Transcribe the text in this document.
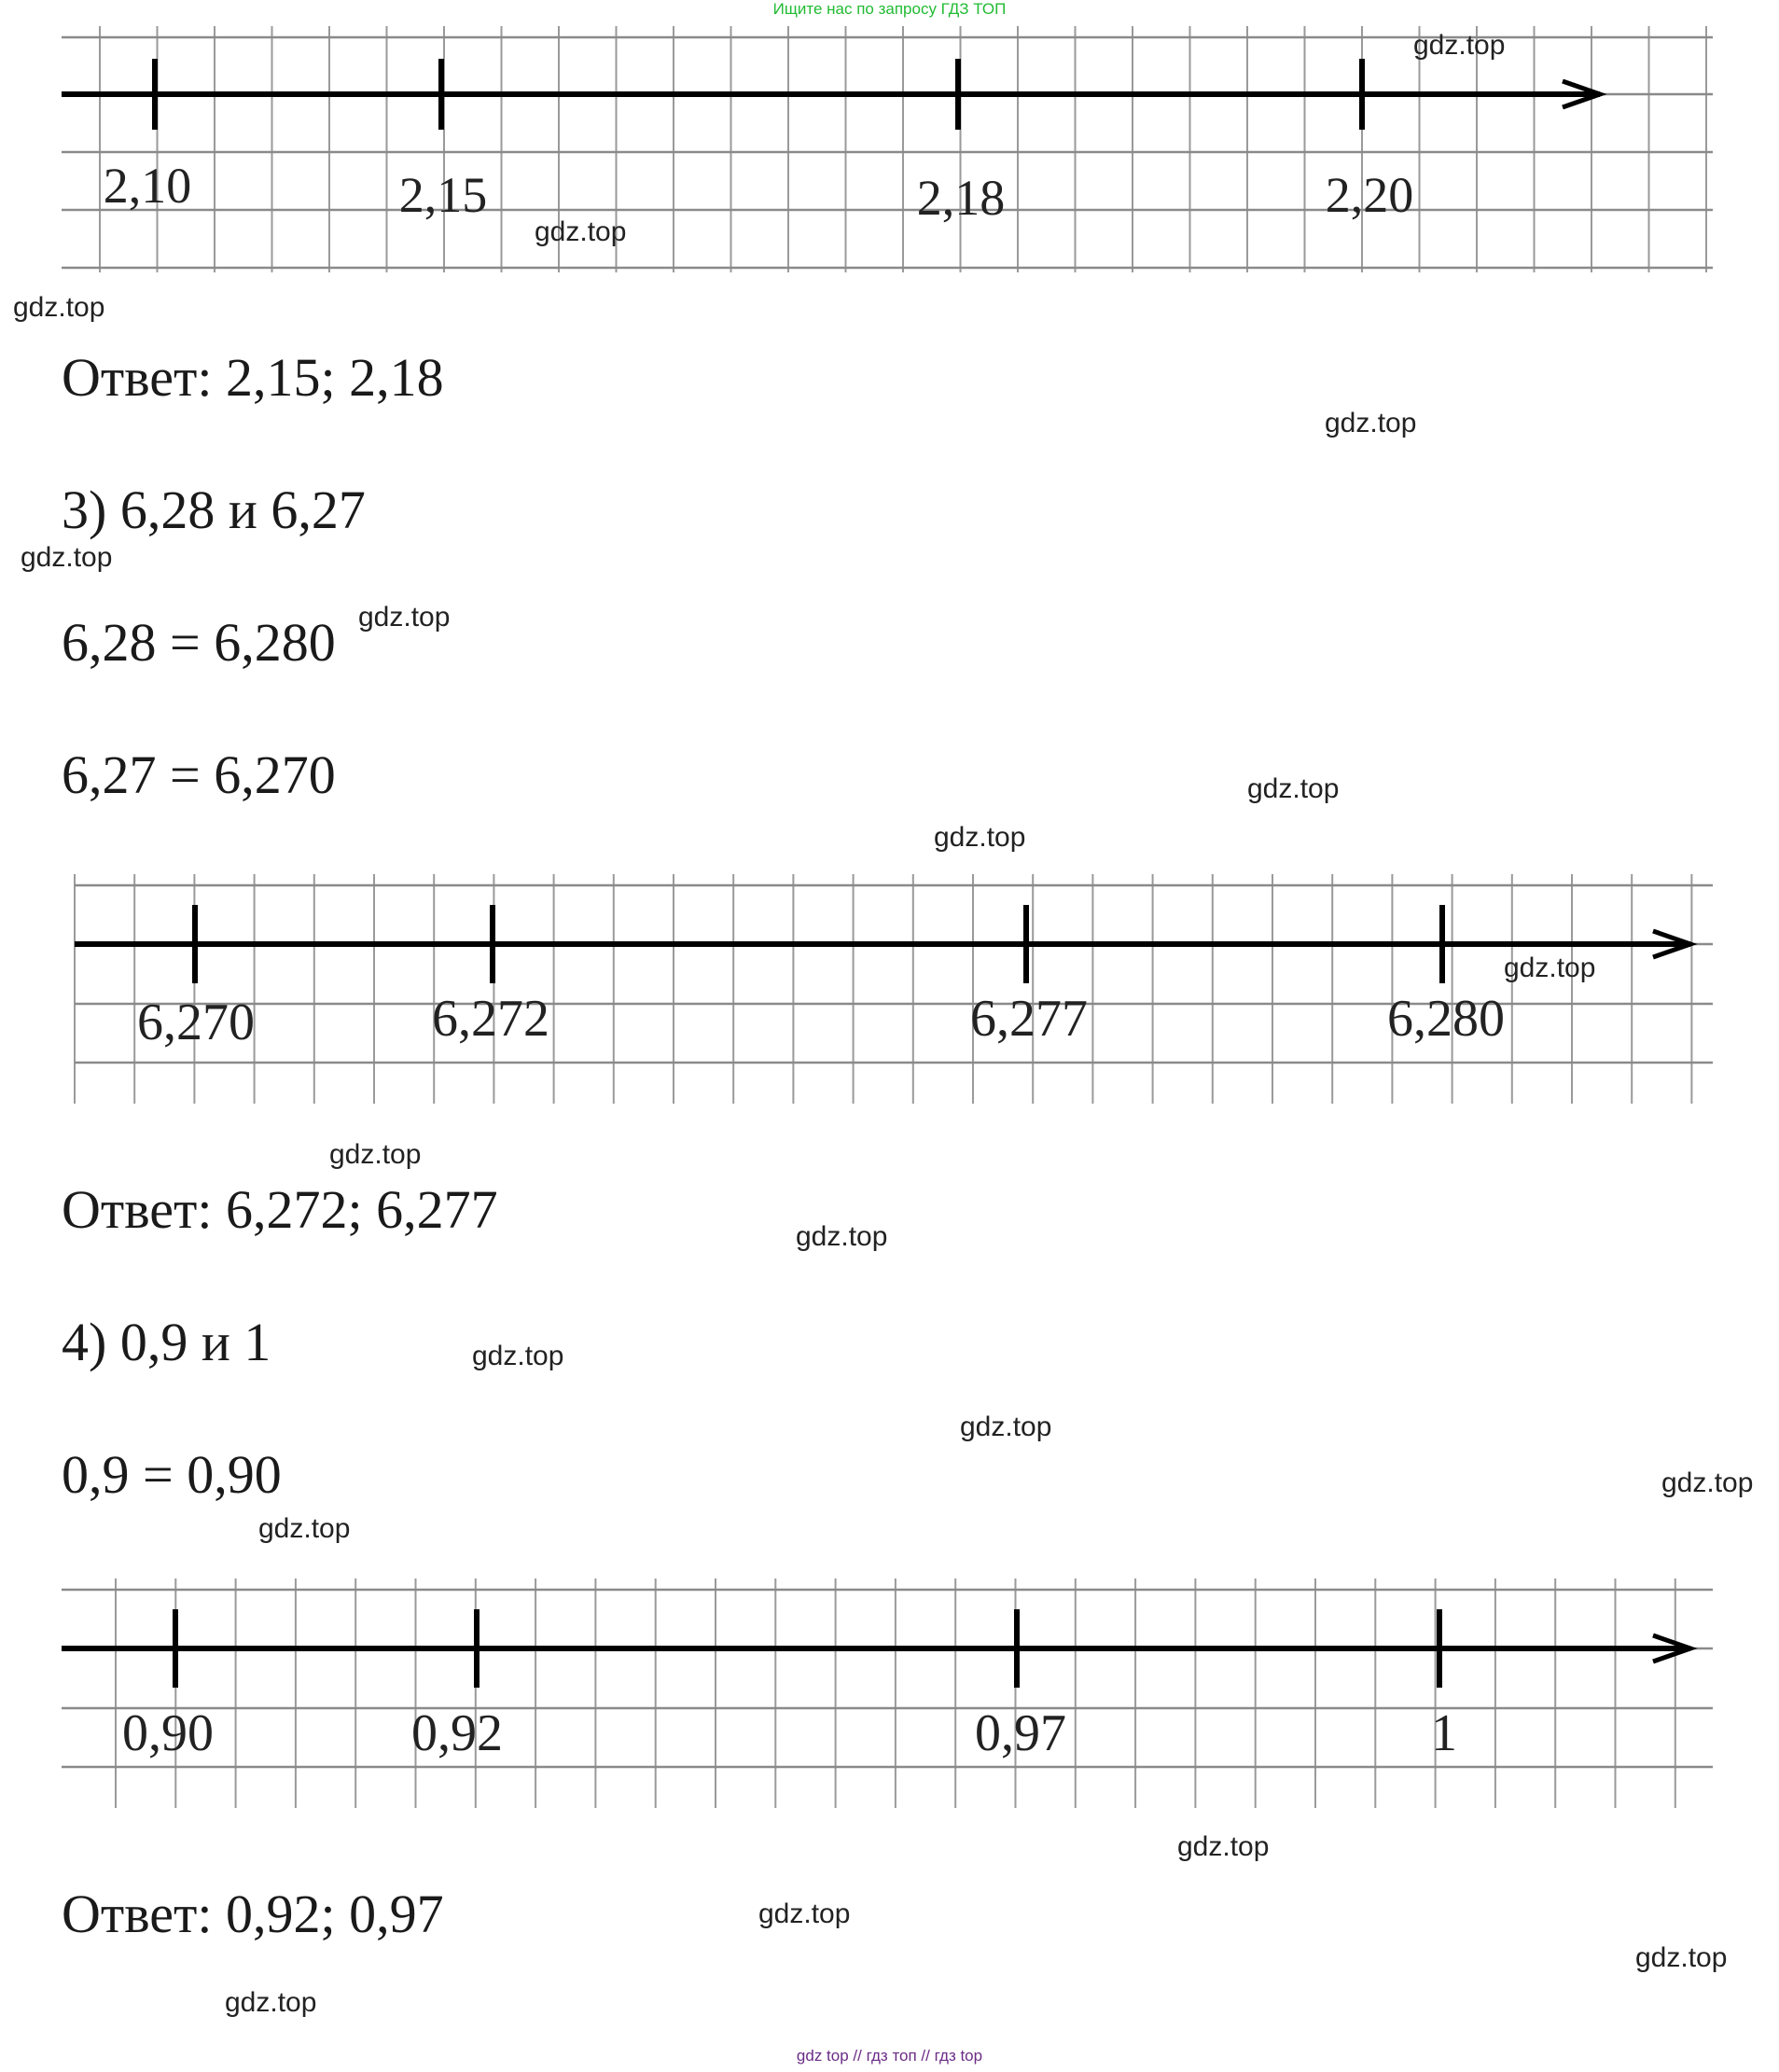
Ищите нас по запросу ГДЗ ТОП
2,10	2,15	2,18	2,20
gdz.top
gdz.top
gdz.top
Ответ: 2,15; 2,18
gdz.top
3) 6,28 и 6,27
gdz.top
6,28 = 6,280 gdz.top
6,27 = 6,270	gdz.top
gdz.top
6,270	6,272	6,277	6,280
gdz.top
gdz.top
Ответ: 6,272; 6,277	gdz.top
4) 0,9 и 1	gdz.top
gdz.top
0,9 = 0,90	gdz.top
gdz.top
0,90	0,92	0,97	1
gdz.top
Ответ: 0,92; 0,97	gdz.top
gdz.top
gdz.top
gdz top // гдз топ // гдз top
